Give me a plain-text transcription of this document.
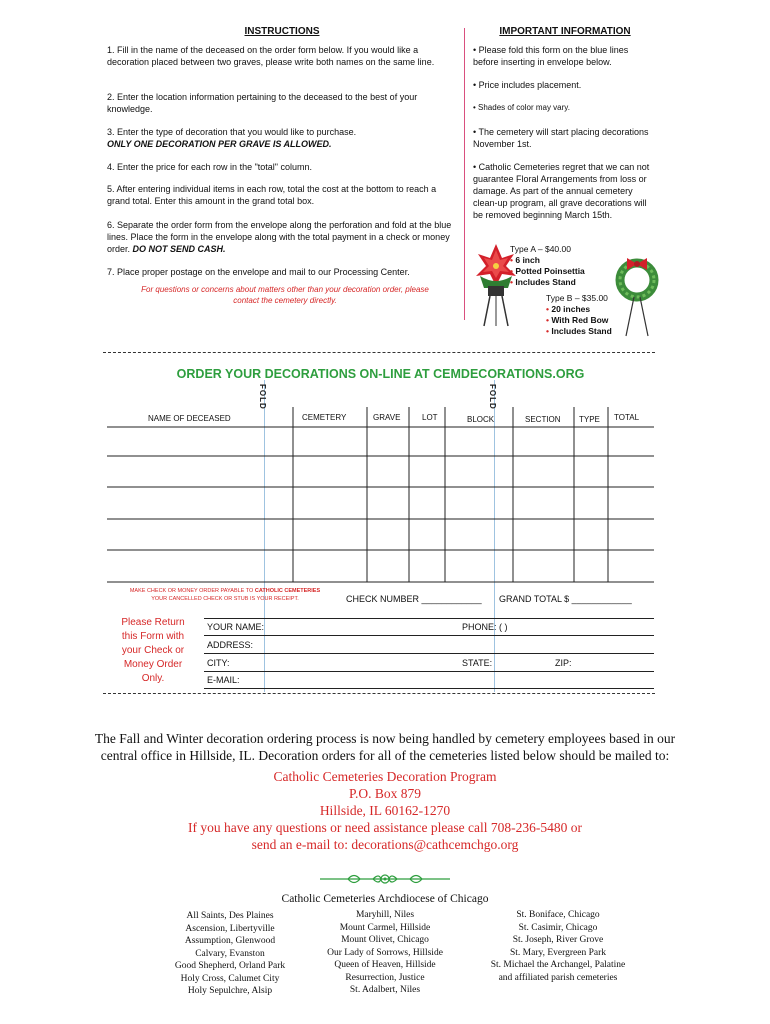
INSTRUCTIONS
1. Fill in the name of the deceased on the order form below. If you would like a decoration placed between two graves, please write both names on the same line.
2. Enter the location information pertaining to the deceased to the best of your knowledge.
3. Enter the type of decoration that you would like to purchase.
ONLY ONE DECORATION PER GRAVE IS ALLOWED.
4. Enter the price for each row in the "total" column.
5. After entering individual items in each row, total the cost at the bottom to reach a grand total. Enter this amount in the grand total box.
6. Separate the order form from the envelope along the perforation and fold at the blue lines. Place the form in the envelope along with the total payment in a check or money order. DO NOT SEND CASH.
7. Place proper postage on the envelope and mail to our Processing Center.
For questions or concerns about matters other than your decoration order, please contact the cemetery directly.
IMPORTANT INFORMATION
• Please fold this form on the blue lines before inserting in envelope below.
• Price includes placement.
• Shades of color may vary.
• The cemetery will start placing decorations November 1st.
• Catholic Cemeteries regret that we can not guarantee Floral Arrangements from loss or damage. As part of the annual cemetery clean-up program, all grave decorations will be removed beginning March 15th.
Type A – $40.00
• 6 inch
• Potted Poinsettia
• Includes Stand
Type B – $35.00
• 20 inches
• With Red Bow
• Includes Stand
ORDER YOUR DECORATIONS ON-LINE AT CEMDECORATIONS.ORG
FOLD	FOLD
NAME OF DECEASED	CEMETERY	GRAVE	LOT	BLOCK	SECTION TYPE TOTAL
MAKE CHECK OR MONEY ORDER PAYABLE TO CATHOLIC CEMETERIES
YOUR CANCELLED CHECK OR STUB IS YOUR RECEIPT.	CHECK NUMBER ____________ GRAND TOTAL $ ____________
Please Return
this Form with
your Check or
Money Order
Only.
YOUR NAME:	PHONE: ( )
ADDRESS:
CITY:	STATE:	ZIP:
E-MAIL:
The Fall and Winter decoration ordering process is now being handled by cemetery employees based in our central office in Hillside, IL. Decoration orders for all of the cemeteries listed below should be mailed to:
Catholic Cemeteries Decoration Program
P.O. Box 879
Hillside, IL 60162-1270
If you have any questions or need assistance please call 708-236-5480 or
send an e-mail to: decorations@cathcemchgo.org
Catholic Cemeteries Archdiocese of Chicago
All Saints, Des Plaines
Ascension, Libertyville
Assumption, Glenwood
Calvary, Evanston
Good Shepherd, Orland Park
Holy Cross, Calumet City
Holy Sepulchre, Alsip
Maryhill, Niles
Mount Carmel, Hillside
Mount Olivet, Chicago
Our Lady of Sorrows, Hillside
Queen of Heaven, Hillside
Resurrection, Justice
St. Adalbert, Niles
St. Boniface, Chicago
St. Casimir, Chicago
St. Joseph, River Grove
St. Mary, Evergreen Park
St. Michael the Archangel, Palatine
and affiliated parish cemeteries
